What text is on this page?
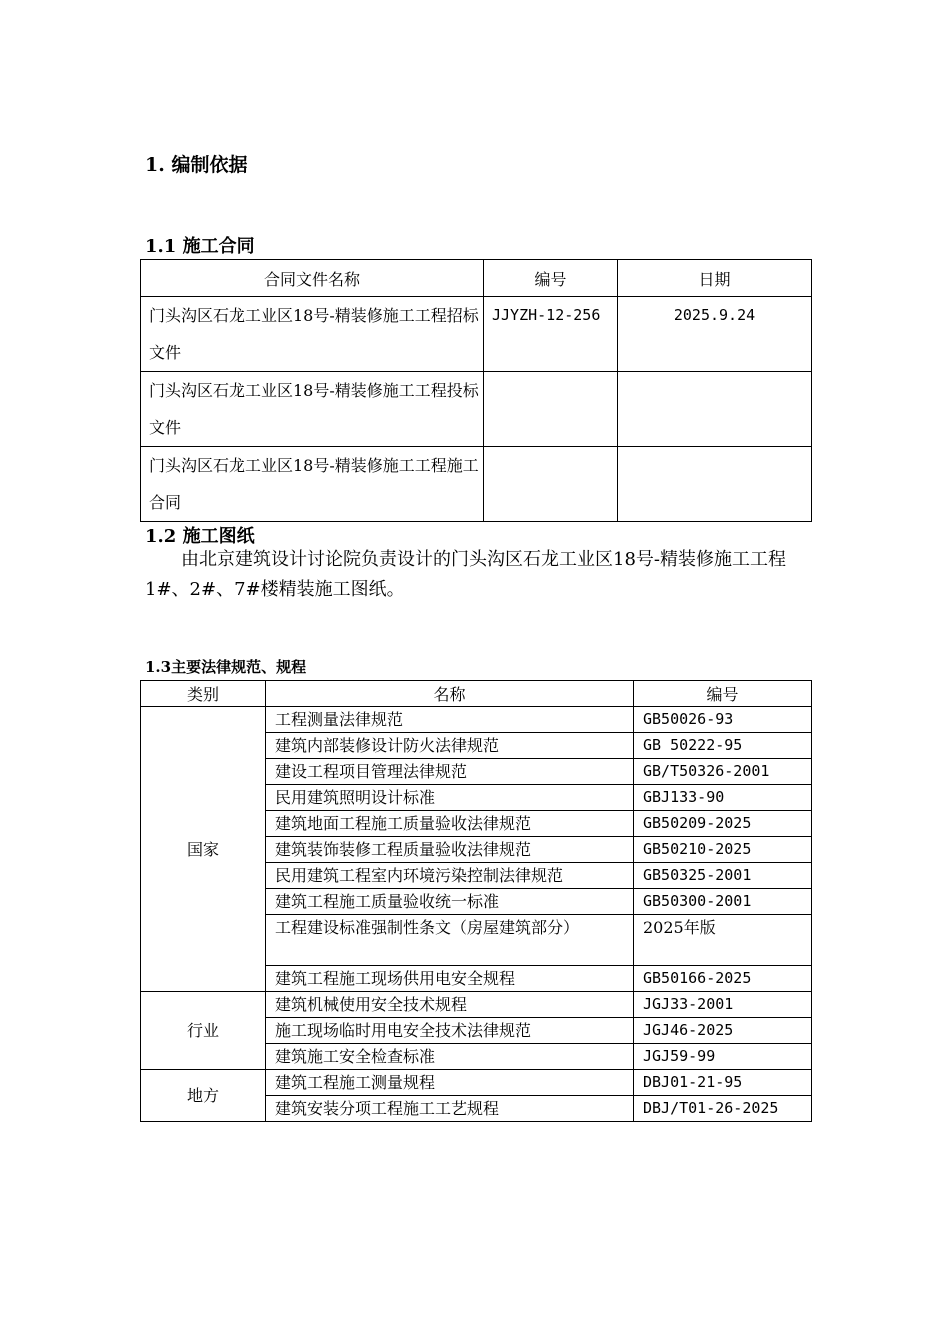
1. 编制依据
1.1 施工合同
合同文件名称	编号	日期
门头沟区石龙工业区18号-精装修施工工程招标文件	JJYZH-12-256	2025.9.24
门头沟区石龙工业区18号-精装修施工工程投标文件		
门头沟区石龙工业区18号-精装修施工工程施工合同		
1.2 施工图纸
由北京建筑设计讨论院负责设计的门头沟区石龙工业区18号-精装修施工工程1#、2#、7#楼精装施工图纸。
1.3主要法律规范、规程
类别	名称	编号
国家	工程测量法律规范	GB50026-93
	建筑内部装修设计防火法律规范	GB 50222-95
	建设工程项目管理法律规范	GB/T50326-2001
	民用建筑照明设计标准	GBJ133-90
	建筑地面工程施工质量验收法律规范	GB50209-2025
	建筑装饰装修工程质量验收法律规范	GB50210-2025
	民用建筑工程室内环境污染控制法律规范	GB50325-2001
	建筑工程施工质量验收统一标准	GB50300-2001
	工程建设标准强制性条文（房屋建筑部分）	2025年版
	建筑工程施工现场供用电安全规程	GB50166-2025
行业	建筑机械使用安全技术规程	JGJ33-2001
	施工现场临时用电安全技术法律规范	JGJ46-2025
	建筑施工安全检查标准	JGJ59-99
地方	建筑工程施工测量规程	DBJ01-21-95
	建筑安装分项工程施工工艺规程	DBJ/T01-26-2025
